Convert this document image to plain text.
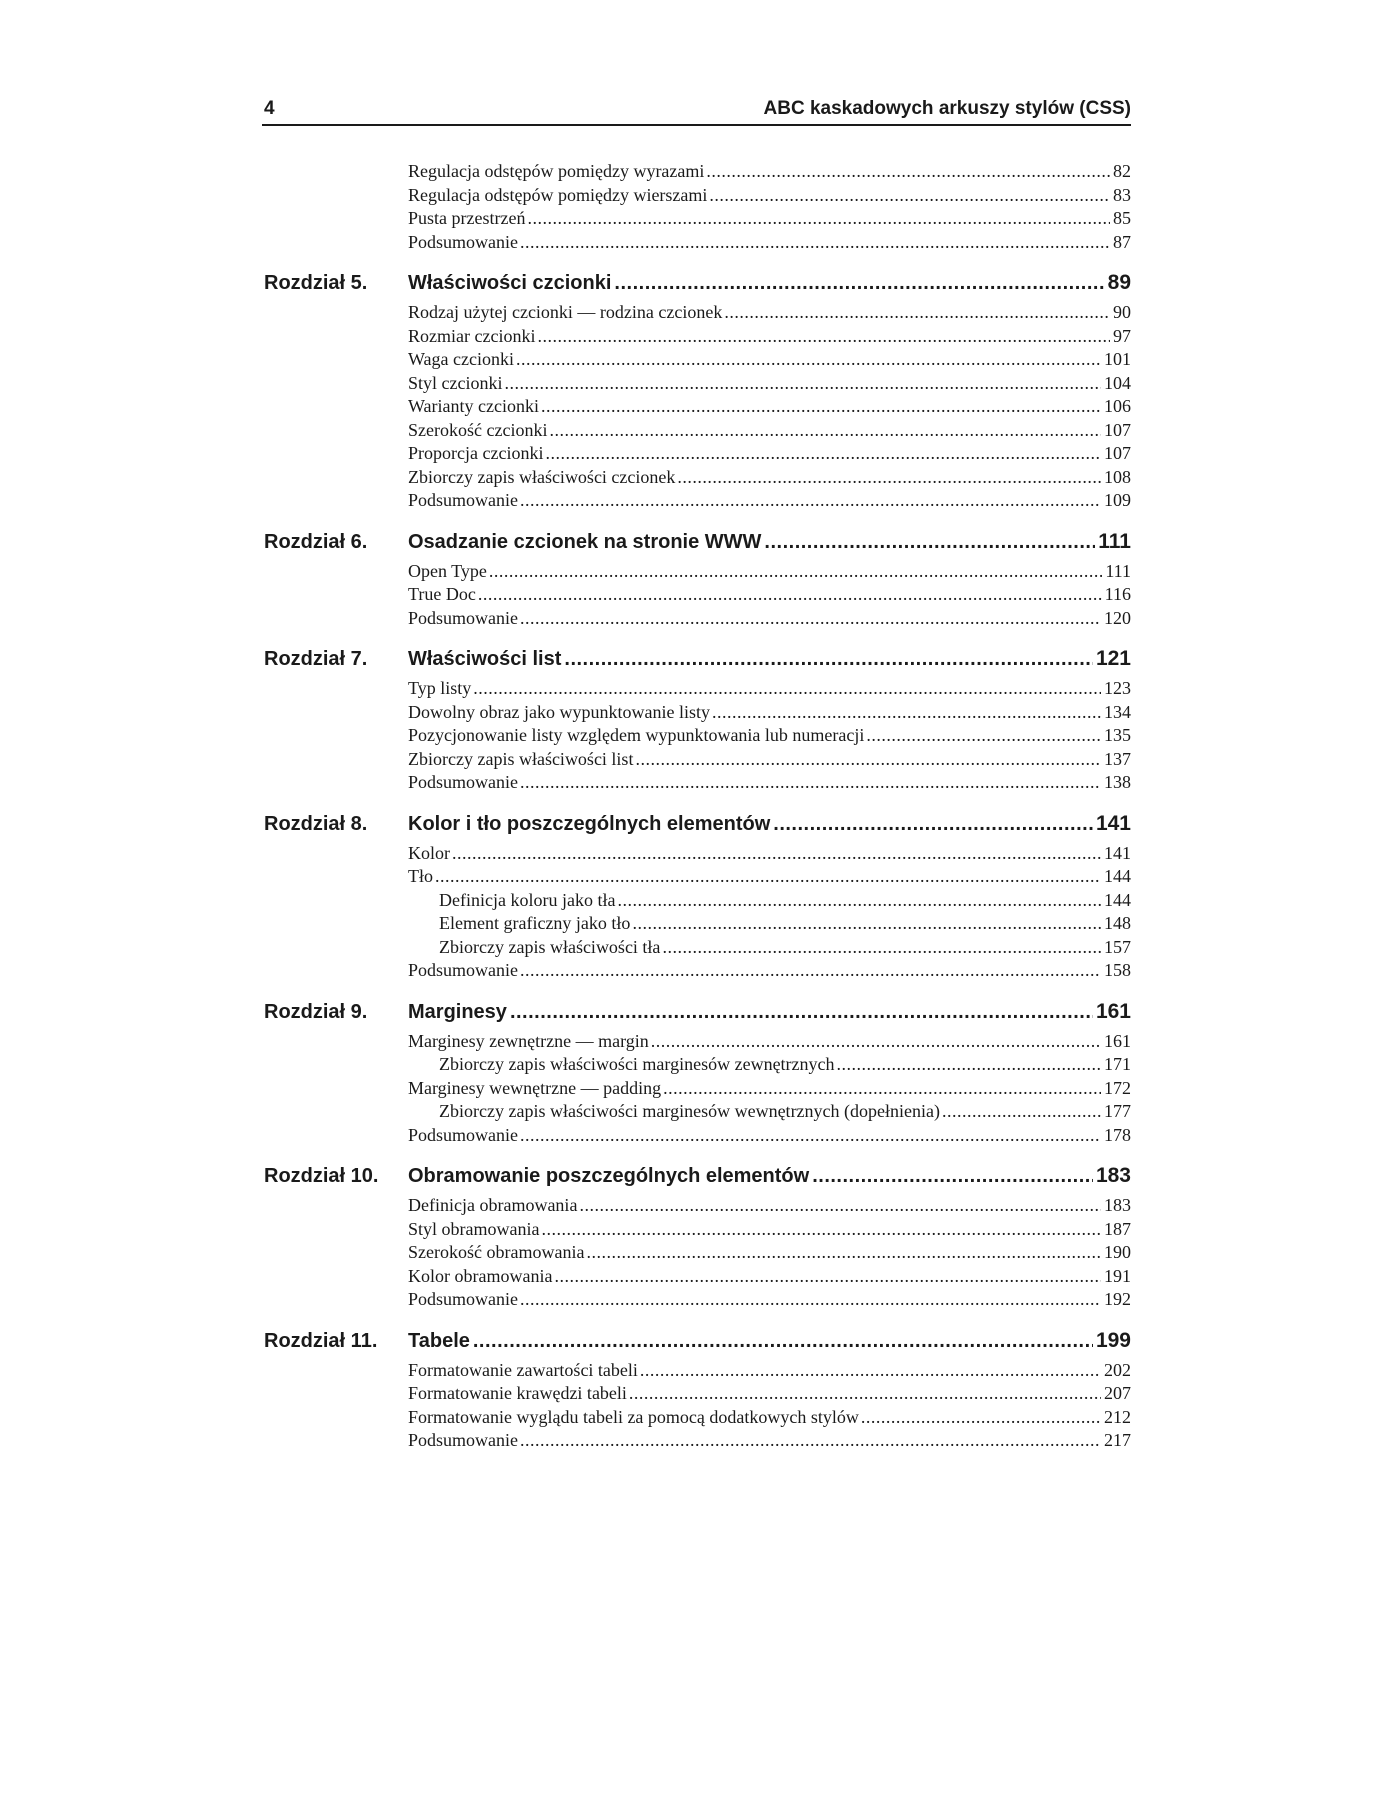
4	ABC kaskadowych arkuszy stylów (CSS)
Regulacja odstępów pomiędzy wyrazami .....	82
Regulacja odstępów pomiędzy wierszami .....	83
Pusta przestrzeń .....	85
Podsumowanie .....	87
Rozdział 5. Właściwości czcionki .....	89
Rodzaj użytej czcionki — rodzina czcionek .....	90
Rozmiar czcionki .....	97
Waga czcionki .....	101
Styl czcionki .....	104
Warianty czcionki .....	106
Szerokość czcionki .....	107
Proporcja czcionki .....	107
Zbiorczy zapis właściwości czcionek .....	108
Podsumowanie .....	109
Rozdział 6. Osadzanie czcionek na stronie WWW .....	111
Open Type .....	111
True Doc .....	116
Podsumowanie .....	120
Rozdział 7. Właściwości list .....	121
Typ listy .....	123
Dowolny obraz jako wypunktowanie listy .....	134
Pozycjonowanie listy względem wypunktowania lub numeracji .....	135
Zbiorczy zapis właściwości list .....	137
Podsumowanie .....	138
Rozdział 8. Kolor i tło poszczególnych elementów .....	141
Kolor .....	141
Tło .....	144
Definicja koloru jako tła .....	144
Element graficzny jako tło .....	148
Zbiorczy zapis właściwości tła .....	157
Podsumowanie .....	158
Rozdział 9. Marginesy .....	161
Marginesy zewnętrzne — margin .....	161
Zbiorczy zapis właściwości marginesów zewnętrznych .....	171
Marginesy wewnętrzne — padding .....	172
Zbiorczy zapis właściwości marginesów wewnętrznych (dopełnienia) .....	177
Podsumowanie .....	178
Rozdział 10. Obramowanie poszczególnych elementów .....	183
Definicja obramowania .....	183
Styl obramowania .....	187
Szerokość obramowania .....	190
Kolor obramowania .....	191
Podsumowanie .....	192
Rozdział 11. Tabele .....	199
Formatowanie zawartości tabeli .....	202
Formatowanie krawędzi tabeli .....	207
Formatowanie wyglądu tabeli za pomocą dodatkowych stylów .....	212
Podsumowanie .....	217
